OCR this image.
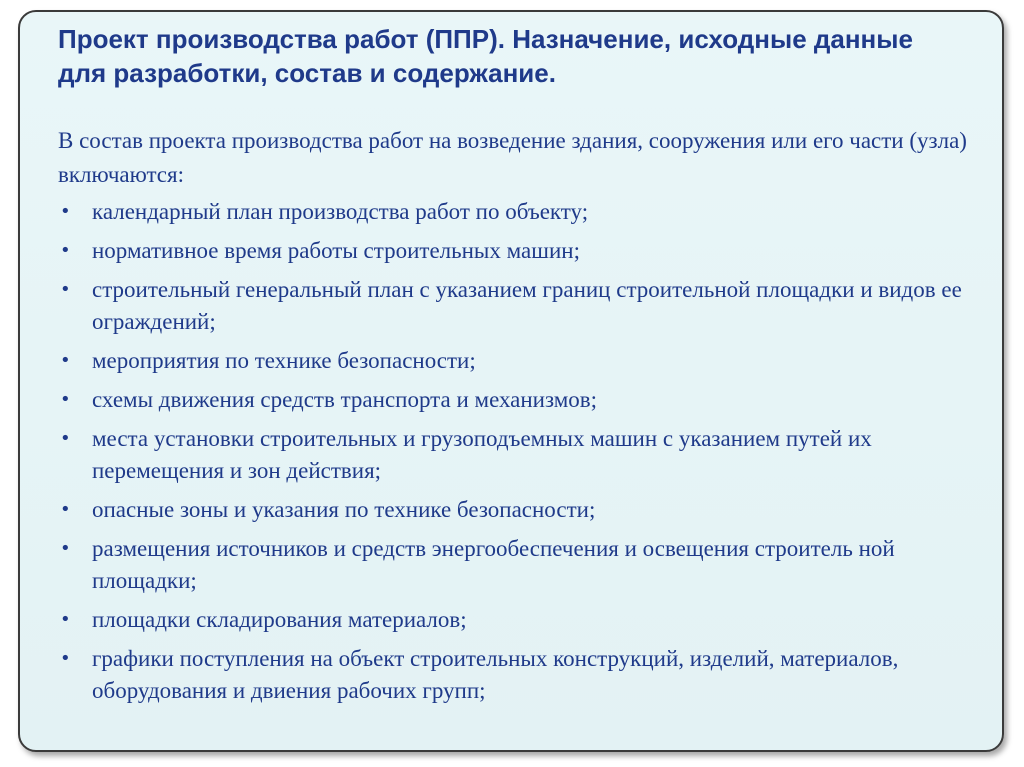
Проект производства работ (ППР). Назначение, исходные данные для разработки, состав и содержание.

В состав проекта производства работ на возведение здания, сооружения или его части (узла) включаются:

• календарный план производства работ по объекту;
• нормативное время работы строительных машин;
• строительный генеральный план с указанием границ строительной площадки и видов ее ограждений;
• мероприятия по технике безопасности;
• схемы движения средств транспорта и механизмов;
• места установки строительных и грузоподъемных машин с указанием путей их перемещения и зон действия;
• опасные зоны и указания по технике безопасности;
• размещения источников и средств энергообеспечения и освещения строитель ной площадки;
• площадки складирования материалов;
• графики поступления на объект строительных конструкций, изделий, материалов, оборудования и двиения рабочих групп;
